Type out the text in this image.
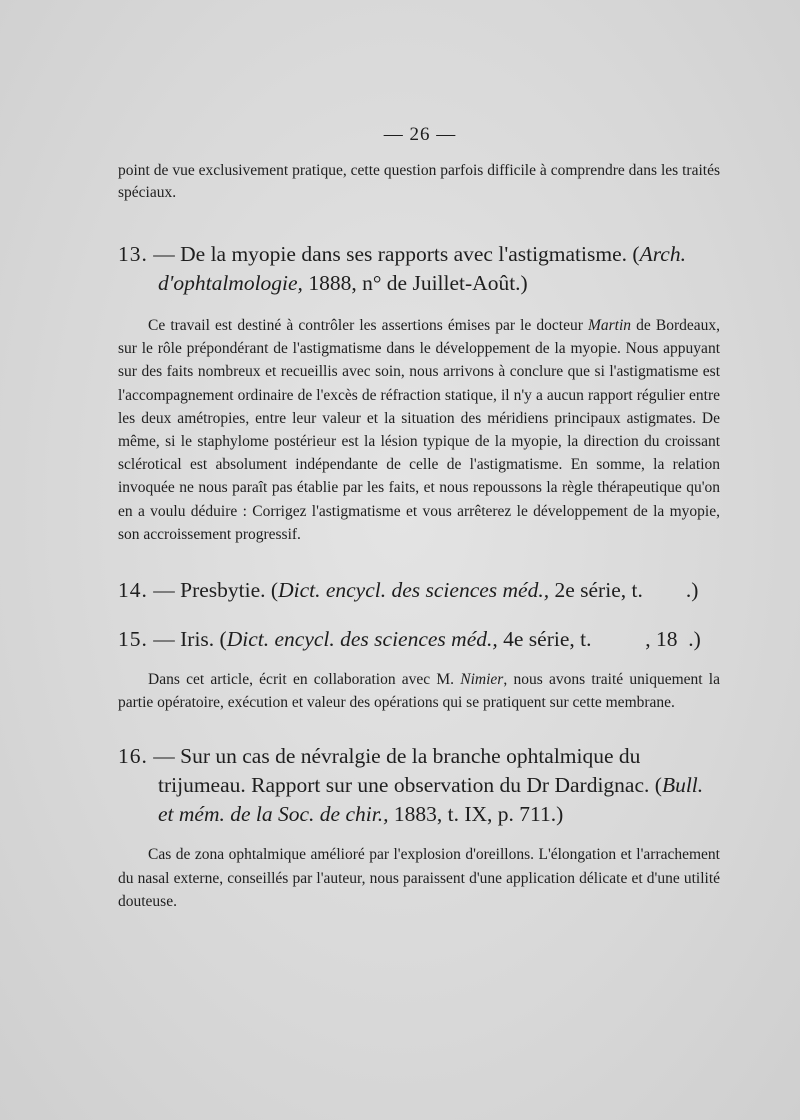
— 26 —

point de vue exclusivement pratique, cette question parfois difficile à comprendre dans les traités spéciaux.

13. — De la myopie dans ses rapports avec l'astigmatisme. (Arch. d'ophtalmologie, 1888, n° de Juillet-Août.)

Ce travail est destiné à contrôler les assertions émises par le docteur Martin de Bordeaux, sur le rôle prépondérant de l'astigmatisme dans le développement de la myopie. Nous appuyant sur des faits nombreux et recueillis avec soin, nous arrivons à conclure que si l'astigmatisme est l'accompagnement ordinaire de l'excès de réfraction statique, il n'y a aucun rapport régulier entre les deux amétropies, entre leur valeur et la situation des méridiens principaux astigmates. De même, si le staphylome postérieur est la lésion typique de la myopie, la direction du croissant sclérotical est absolument indépendante de celle de l'astigmatisme. En somme, la relation invoquée ne nous paraît pas établie par les faits, et nous repoussons la règle thérapeutique qu'on en a voulu déduire : Corrigez l'astigmatisme et vous arrêterez le développement de la myopie, son accroissement progressif.

14. — Presbytie. (Dict. encycl. des sciences méd., 2e série, t.        .)

15. — Iris. (Dict. encycl. des sciences méd., 4e série, t.          , 18  .)

Dans cet article, écrit en collaboration avec M. Nimier, nous avons traité uniquement la partie opératoire, exécution et valeur des opérations qui se pratiquent sur cette membrane.

16. — Sur un cas de névralgie de la branche ophtalmique du trijumeau. Rapport sur une observation du Dr Dardignac. (Bull. et mém. de la Soc. de chir., 1883, t. IX, p. 711.)

Cas de zona ophtalmique amélioré par l'explosion d'oreillons. L'élongation et l'arrachement du nasal externe, conseillés par l'auteur, nous paraissent d'une application délicate et d'une utilité douteuse.
